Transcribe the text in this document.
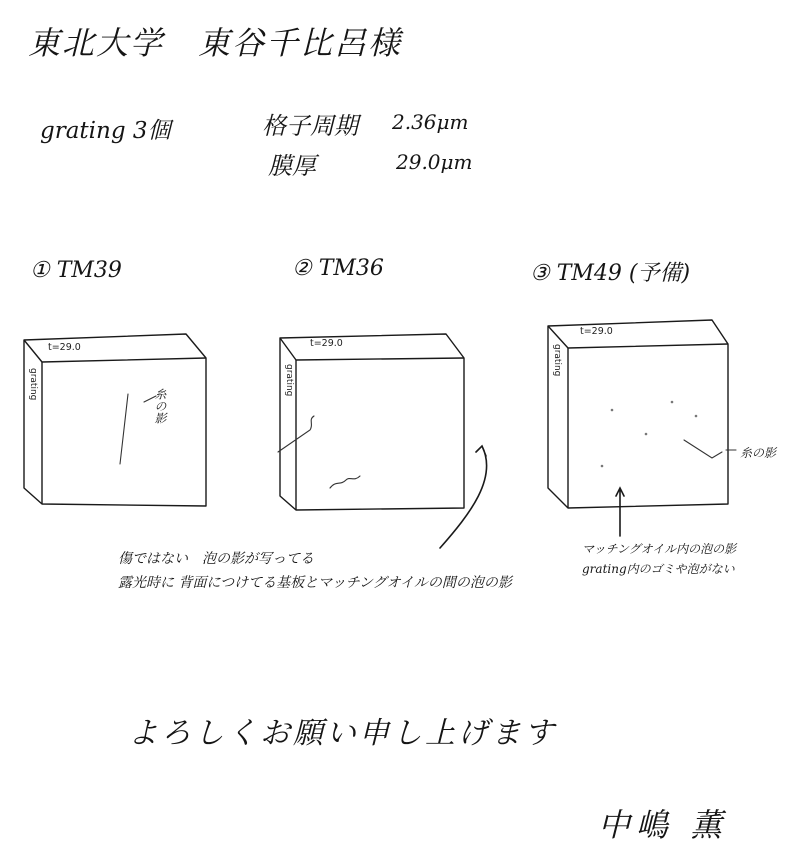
東北大学　東谷千比呂様
grating 3個	格子周期 2.36μm
膜厚	29.0μm
① TM39	② TM36	③ TM49 (予備)
t=29.0
grating
糸の影
t=29.0
grating
t=29.0
grating
糸の影
傷ではない　泡の影が写ってる
露光時に 背面につけてる基板とマッチングオイルの間の泡の影
マッチングオイル内の泡の影
grating内のゴミや泡がない
よろしくお願い申し上げます
中嶋 薫
